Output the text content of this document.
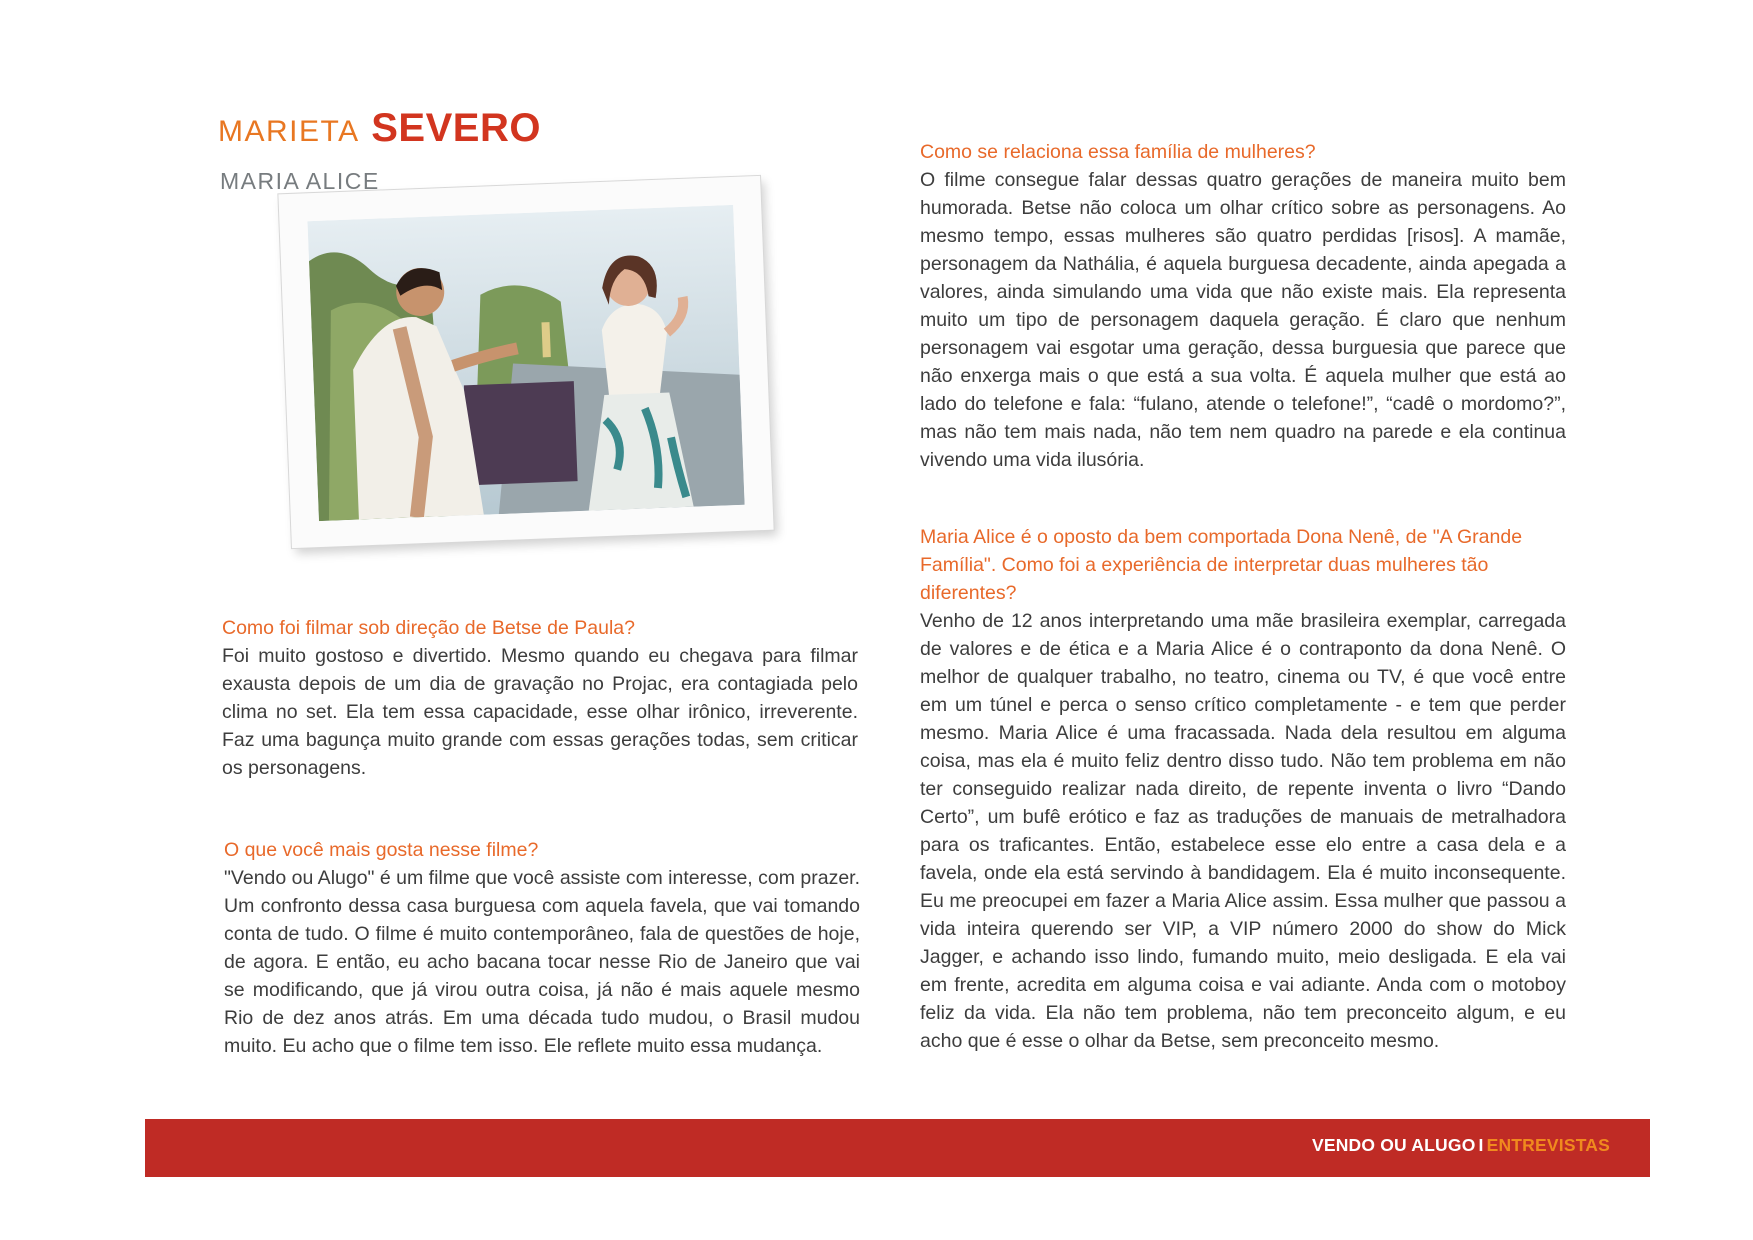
MARIETA SEVERO
MARIA ALICE
Como foi filmar sob direção de Betse de Paula?

Foi muito gostoso e divertido. Mesmo quando eu chegava para filmar exausta depois de um dia de gravação no Projac, era contagiada pelo clima no set. Ela tem essa capacidade, esse olhar irônico, irreverente. Faz uma bagunça muito grande com essas gerações todas, sem criticar os personagens.

O que você mais gosta nesse filme?

"Vendo ou Alugo" é um filme que você assiste com interesse, com prazer. Um confronto dessa casa burguesa com aquela favela, que vai tomando conta de tudo. O filme é muito contemporâneo, fala de questões de hoje, de agora. E então, eu acho bacana tocar nesse Rio de Janeiro que vai se modificando, que já virou outra coisa, já não é mais aquele mesmo Rio de dez anos atrás. Em uma década tudo mudou, o Brasil mudou muito. Eu acho que o filme tem isso. Ele reflete muito essa mudança.

Como se relaciona essa família de mulheres?

O filme consegue falar dessas quatro gerações de maneira muito bem humorada. Betse não coloca um olhar crítico sobre as personagens. Ao mesmo tempo, essas mulheres são quatro perdidas [risos]. A mamãe, personagem da Nathália, é aquela burguesa decadente, ainda apegada a valores, ainda simulando uma vida que não existe mais. Ela representa muito um tipo de personagem daquela geração. É claro que nenhum personagem vai esgotar uma geração, dessa burguesia que parece que não enxerga mais o que está a sua volta. É aquela mulher que está ao lado do telefone e fala: “fulano, atende o telefone!”, “cadê o mordomo?”, mas não tem mais nada, não tem nem quadro na parede e ela continua vivendo uma vida ilusória.

Maria Alice é o oposto da bem comportada Dona Nenê, de "A Grande Família". Como foi a experiência de interpretar duas mulheres tão diferentes?

Venho de 12 anos interpretando uma mãe brasileira exemplar, carregada de valores e de ética e a Maria Alice é o contraponto da dona Nenê. O melhor de qualquer trabalho, no teatro, cinema ou TV, é que você entre em um túnel e perca o senso crítico completamente - e tem que perder mesmo. Maria Alice é uma fracassada. Nada dela resultou em alguma coisa, mas ela é muito feliz dentro disso tudo. Não tem problema em não ter conseguido realizar nada direito, de repente inventa o livro “Dando Certo”, um bufê erótico e faz as traduções de manuais de metralhadora para os traficantes. Então, estabelece esse elo entre a casa dela e a favela, onde ela está servindo à bandidagem. Ela é muito inconsequente. Eu me preocupei em fazer a Maria Alice assim. Essa mulher que passou a vida inteira querendo ser VIP, a VIP número 2000 do show do Mick Jagger, e achando isso lindo, fumando muito, meio desligada. E ela vai em frente, acredita em alguma coisa e vai adiante. Anda com o motoboy feliz da vida. Ela não tem problema, não tem preconceito algum, e eu acho que é esse o olhar da Betse, sem preconceito mesmo.

VENDO OU ALUGO I ENTREVISTAS
